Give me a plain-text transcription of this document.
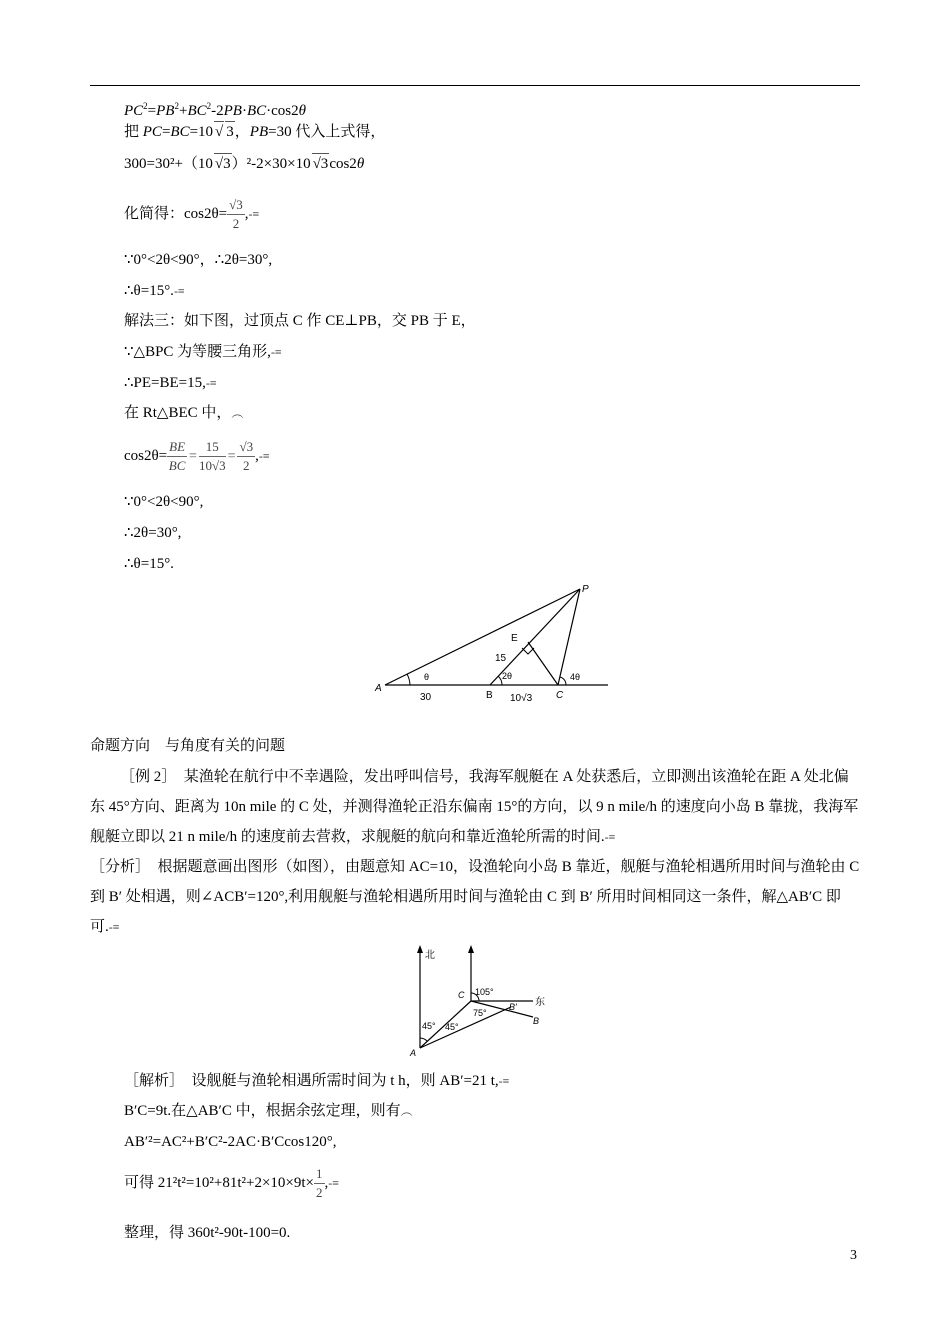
$PC^2=PB^2+BC^2-2PB\cdot BC\cdot\cos 2\theta$
把 PC=BC=10 √ 3，PB=30 代入上式得，
300=30²+（10 √3）²-2×30×10 √3cos2θ
化简得：$\cos 2\theta= \frac{√3}{2}$ ,-≡
∵0°<2θ<90°，∴2θ=30°,
∴θ=15°.-≡
解法三：如下图，过顶点 C 作 CE⊥PB，交 PB 于 E，
∵△BPC 为等腰三角形,-≡
∴PE=BE=15,-≡
在 Rt△BEC 中，︵
$\cos 2\theta= \frac{BE}{BC} = \frac{15}{10√3} = \frac{√3}{2}$ ,-≡
∵0°<2θ<90°,
∴2θ=30°,
∴θ=15°.
P
E
A
B	C
θ	2θ	4θ
15
30	10√3
命题方向　与角度有关的问题
［例 2］　某渔轮在航行中不幸遇险，发出呼叫信号，我海军舰艇在 A 处获悉后，立即测出该渔轮在距 A 处北偏东 45°方向、距离为 10n mile 的 C 处，并测得渔轮正沿东偏南 15°的方向，以 9 n mile/h 的速度向小岛 B 靠拢，我海军舰艇立即以 21 n mile/h 的速度前去营救，求舰艇的航向和靠近渔轮所需的时间.-≡
［分析］　根据题意画出图形（如图），由题意知 AC=10，设渔轮向小岛 B 靠近，舰艇与渔轮相遇所用时间与渔轮由 C 到 B′ 处相遇，则∠ACB′=120°,利用舰艇与渔轮相遇所用时间与渔轮由 C 到 B′ 所用时间相同这一条件，解△AB′C 即可.-≡
北
东
A
C
B′
B
105°
75°
45° 45°
［解析］　设舰艇与渔轮相遇所需时间为 t h，则 AB′=21 t,-≡
B′C=9t.在△AB′C 中，根据余弦定理，则有︵
AB′²=AC²+B′C²-2AC·B′Ccos120°,
可得 $21^2t^2=10^2+81t^2+2\times 10\times 9t\times \frac{1}{2}$ ,-≡
整理，得 360t²-90t-100=0.
3
